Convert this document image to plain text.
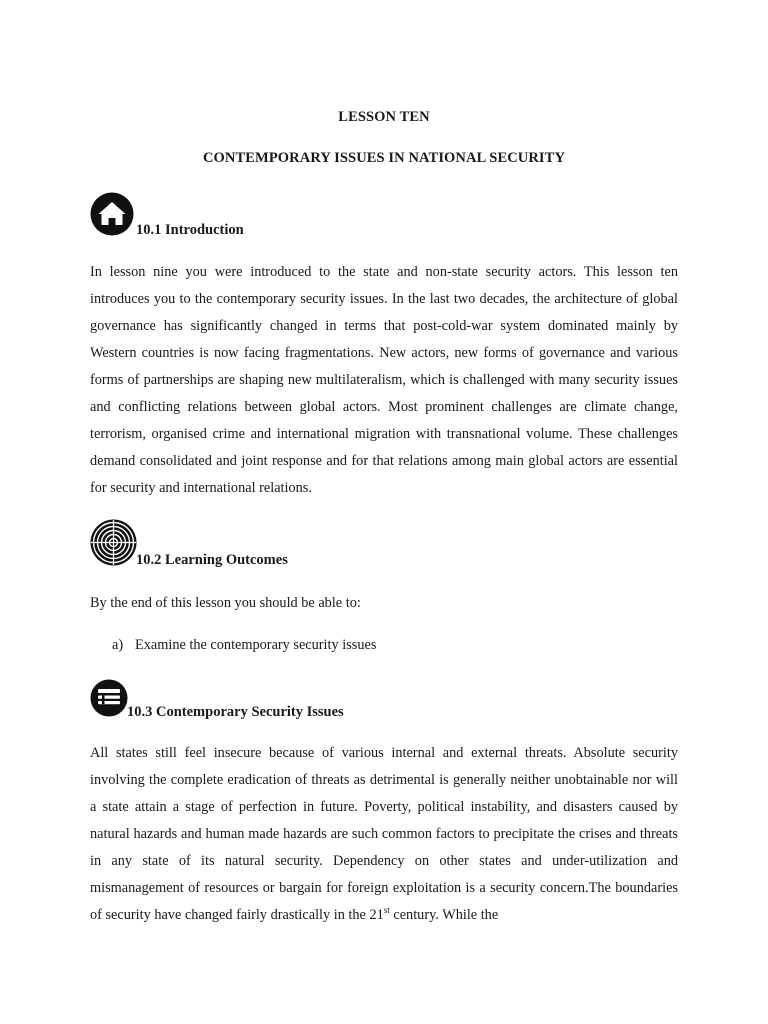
LESSON TEN
CONTEMPORARY ISSUES IN NATIONAL SECURITY
10.1 Introduction

In lesson nine you were introduced to the state and non-state security actors. This lesson ten introduces you to the contemporary security issues. In the last two decades, the architecture of global governance has significantly changed in terms that post-cold-war system dominated mainly by Western countries is now facing fragmentations. New actors, new forms of governance and various forms of partnerships are shaping new multilateralism, which is challenged with many security issues and conflicting relations between global actors. Most prominent challenges are climate change, terrorism, organised crime and international migration with transnational volume. These challenges demand consolidated and joint response and for that relations among main global actors are essential for security and international relations.

10.2 Learning Outcomes
By the end of this lesson you should be able to:
a) Examine the contemporary security issues
10.3 Contemporary Security Issues

All states still feel insecure because of various internal and external threats. Absolute security involving the complete eradication of threats as detrimental is generally neither unobtainable nor will a state attain a stage of perfection in future. Poverty, political instability, and disasters caused by natural hazards and human made hazards are such common factors to precipitate the crises and threats in any state of its natural security. Dependency on other states and under-utilization and mismanagement of resources or bargain for foreign exploitation is a security concern.The boundaries of security have changed fairly drastically in the 21st century. While the
